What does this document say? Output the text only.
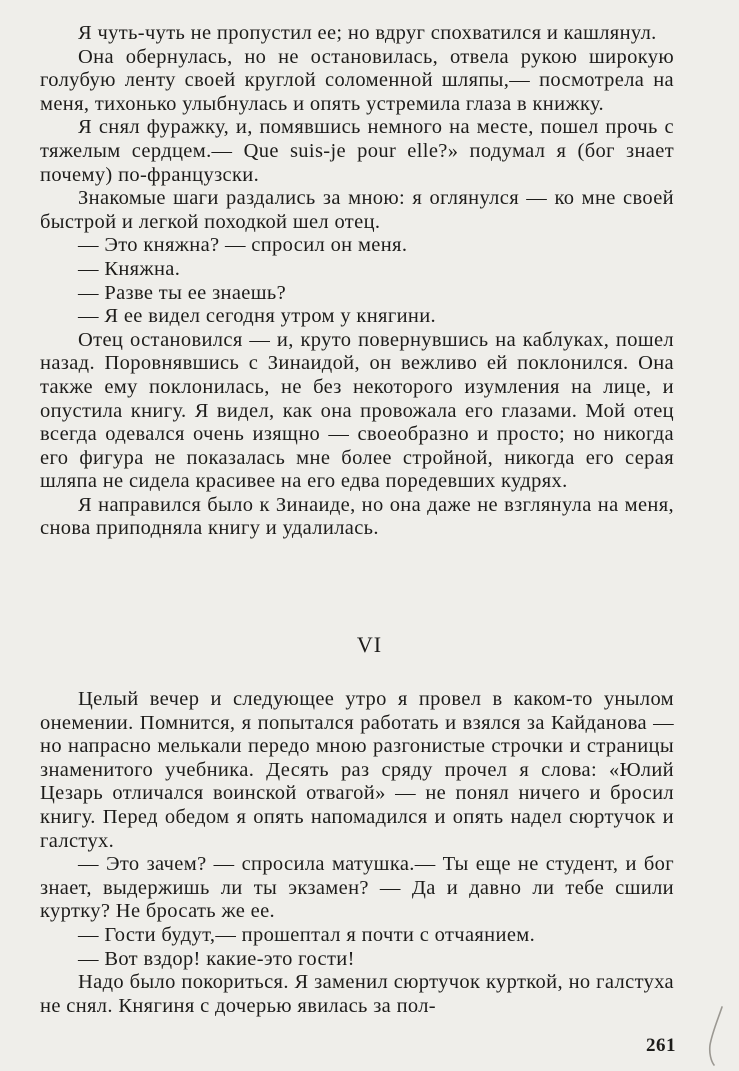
Я чуть-чуть не пропустил ее; но вдруг спохватился и кашлянул.

Она обернулась, но не остановилась, отвела рукою широкую голубую ленту своей круглой соломенной шляпы,— посмотрела на меня, тихонько улыбнулась и опять устремила глаза в книжку.

Я снял фуражку, и, помявшись немного на месте, пошел прочь с тяжелым сердцем.— Que suis-je pour elle?» подумал я (бог знает почему) по-французски.

Знакомые шаги раздались за мною: я оглянулся — ко мне своей быстрой и легкой походкой шел отец.

— Это княжна? — спросил он меня.

— Княжна.

— Разве ты ее знаешь?

— Я ее видел сегодня утром у княгини.

Отец остановился — и, круто повернувшись на каблуках, пошел назад. Поровнявшись с Зинаидой, он вежливо ей поклонился. Она также ему поклонилась, не без некоторого изумления на лице, и опустила книгу. Я видел, как она провожала его глазами. Мой отец всегда одевался очень изящно — своеобразно и просто; но никогда его фигура не показалась мне более стройной, никогда его серая шляпа не сидела красивее на его едва поредевших кудрях.

Я направился было к Зинаиде, но она даже не взглянула на меня, снова приподняла книгу и удалилась.

VI

Целый вечер и следующее утро я провел в каком-то унылом онемении. Помнится, я попытался работать и взялся за Кайданова — но напрасно мелькали передо мною разгонистые строчки и страницы знаменитого учебника. Десять раз сряду прочел я слова: «Юлий Цезарь отличался воинской отвагой» — не понял ничего и бросил книгу. Перед обедом я опять напомадился и опять надел сюртучок и галстух.

— Это зачем? — спросила матушка.— Ты еще не студент, и бог знает, выдержишь ли ты экзамен? — Да и давно ли тебе сшили куртку? Не бросать же ее.

— Гости будут,— прошептал я почти с отчаянием.

— Вот вздор! какие-это гости!

Надо было покориться. Я заменил сюртучок курткой, но галстуха не снял. Княгиня с дочерью явилась за пол-

261
